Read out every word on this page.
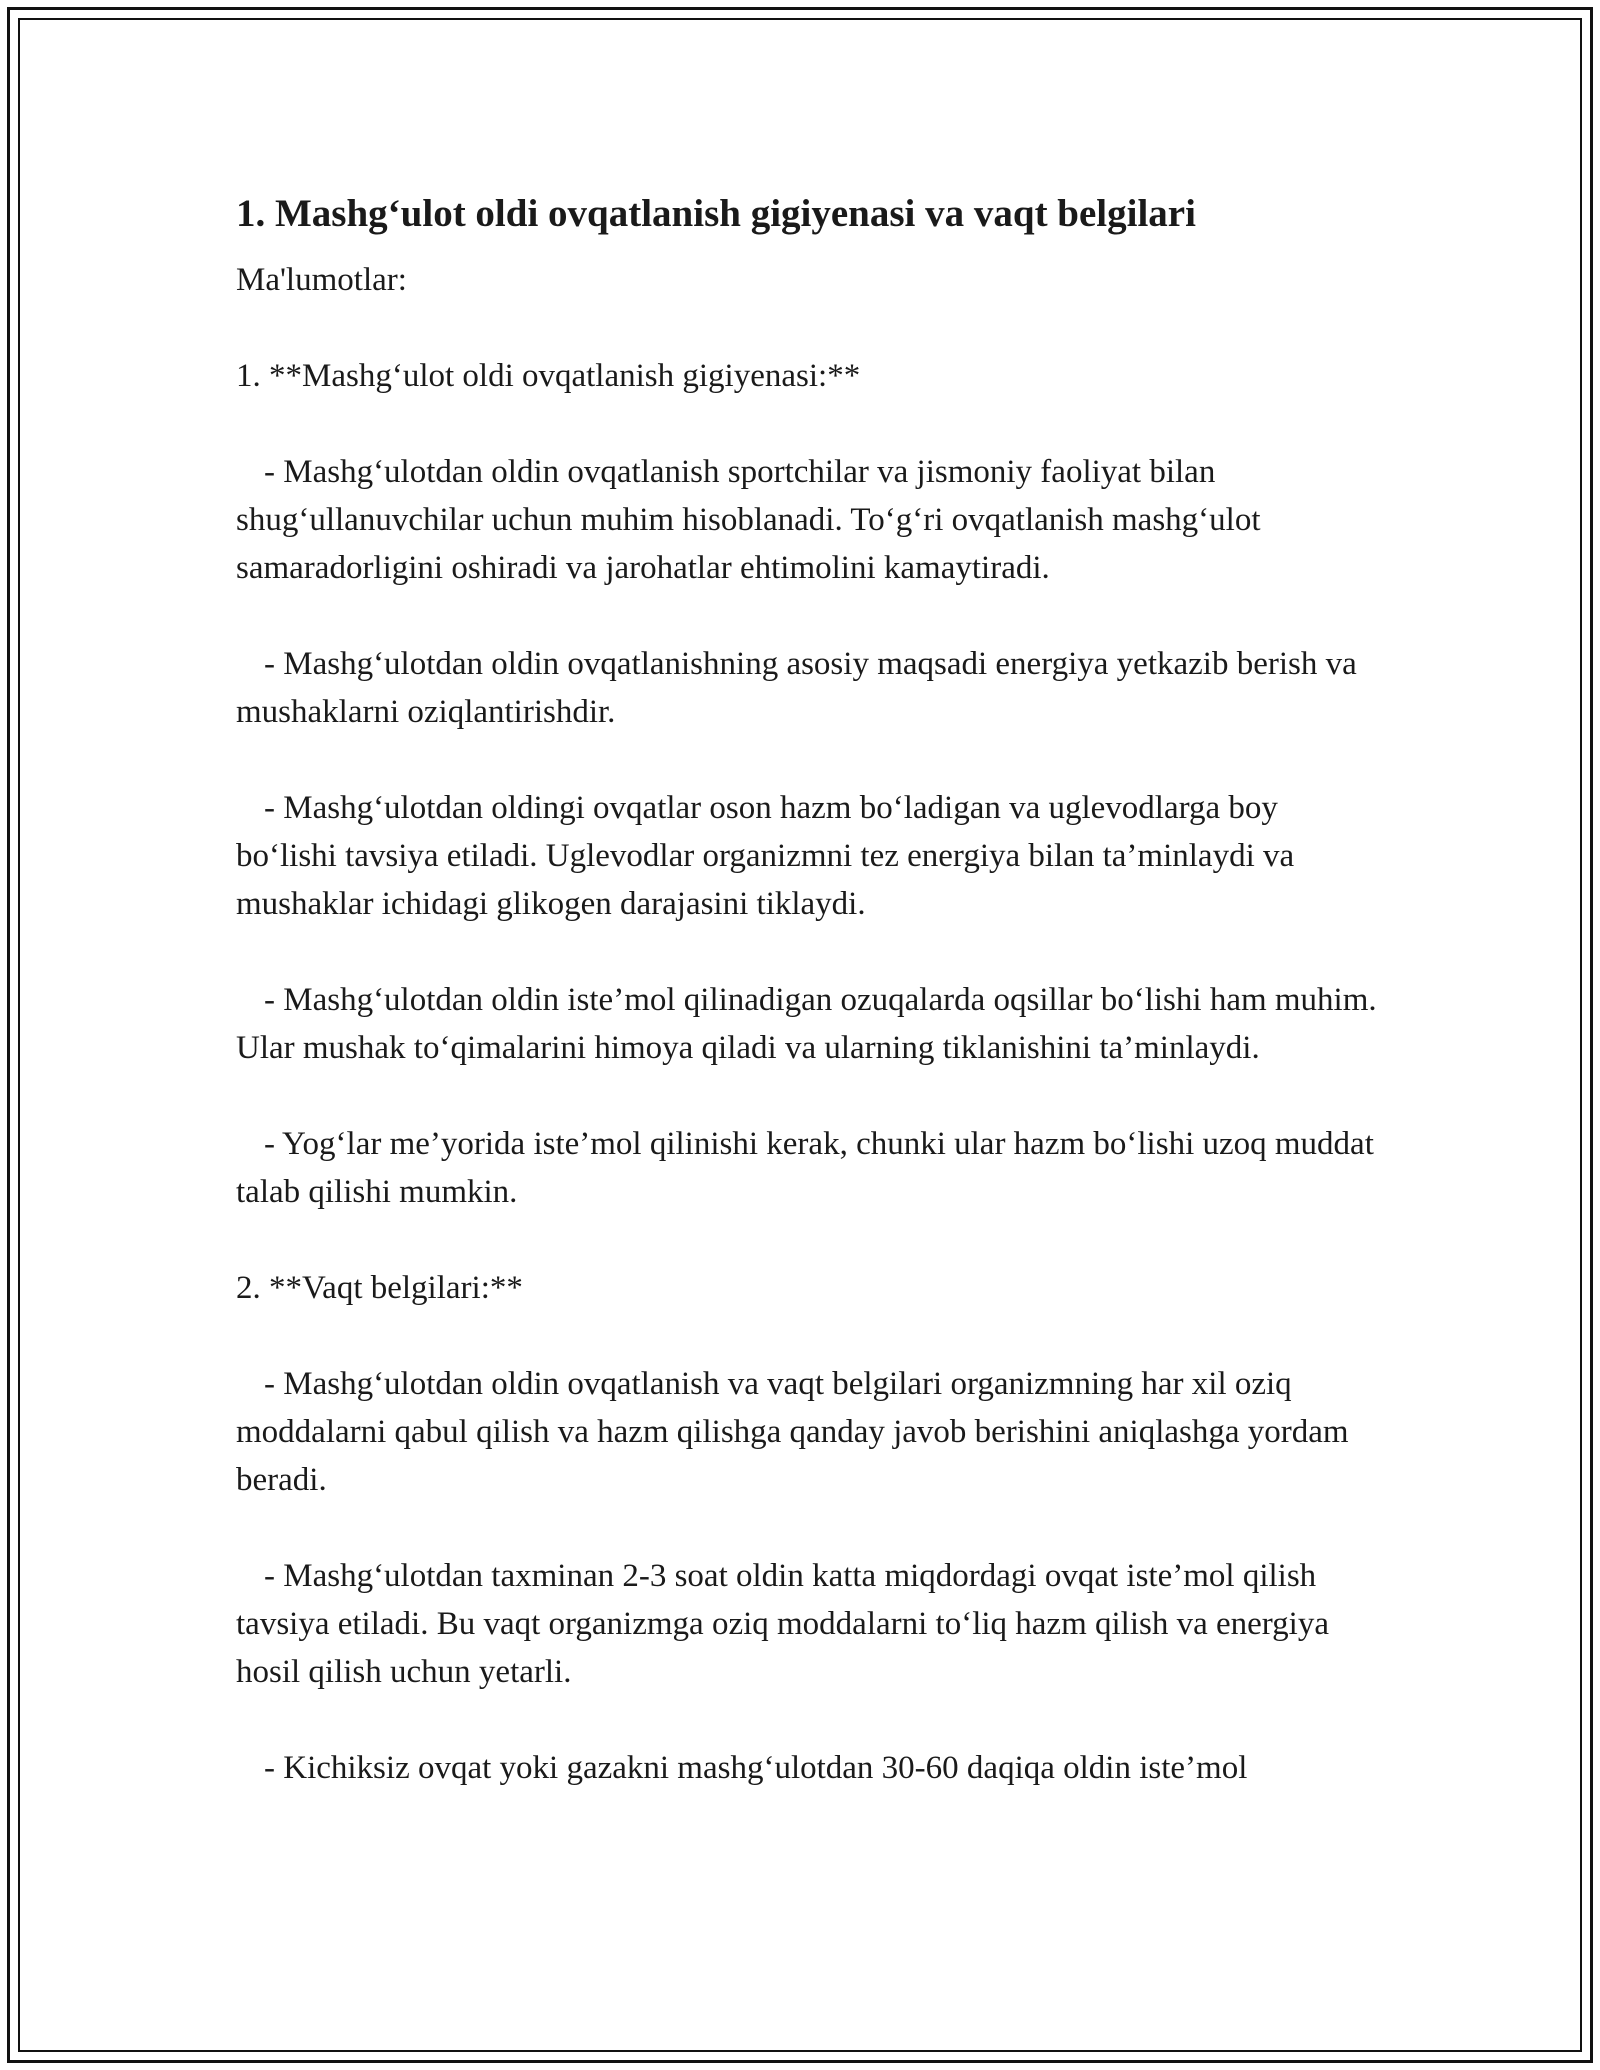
1. Mashg‘ulot oldi ovqatlanish gigiyenasi va vaqt belgilari
Ma'lumotlar:
1. **Mashg‘ulot oldi ovqatlanish gigiyenasi:**
- Mashg‘ulotdan oldin ovqatlanish sportchilar va jismoniy faoliyat bilan shug‘ullanuvchilar uchun muhim hisoblanadi. To‘g‘ri ovqatlanish mashg‘ulot samaradorligini oshiradi va jarohatlar ehtimolini kamaytiradi.
- Mashg‘ulotdan oldin ovqatlanishning asosiy maqsadi energiya yetkazib berish va mushaklarni oziqlantirishdir.
- Mashg‘ulotdan oldingi ovqatlar oson hazm bo‘ladigan va uglevodlarga boy bo‘lishi tavsiya etiladi. Uglevodlar organizmni tez energiya bilan ta’minlaydi va mushaklar ichidagi glikogen darajasini tiklaydi.
- Mashg‘ulotdan oldin iste’mol qilinadigan ozuqalarda oqsillar bo‘lishi ham muhim. Ular mushak to‘qimalarini himoya qiladi va ularning tiklanishini ta’minlaydi.
- Yog‘lar me’yorida iste’mol qilinishi kerak, chunki ular hazm bo‘lishi uzoq muddat talab qilishi mumkin.
2. **Vaqt belgilari:**
- Mashg‘ulotdan oldin ovqatlanish va vaqt belgilari organizmning har xil oziq moddalarni qabul qilish va hazm qilishga qanday javob berishini aniqlashga yordam beradi.
- Mashg‘ulotdan taxminan 2-3 soat oldin katta miqdordagi ovqat iste’mol qilish tavsiya etiladi. Bu vaqt organizmga oziq moddalarni to‘liq hazm qilish va energiya hosil qilish uchun yetarli.
- Kichiksiz ovqat yoki gazakni mashg‘ulotdan 30-60 daqiqa oldin iste’mol
